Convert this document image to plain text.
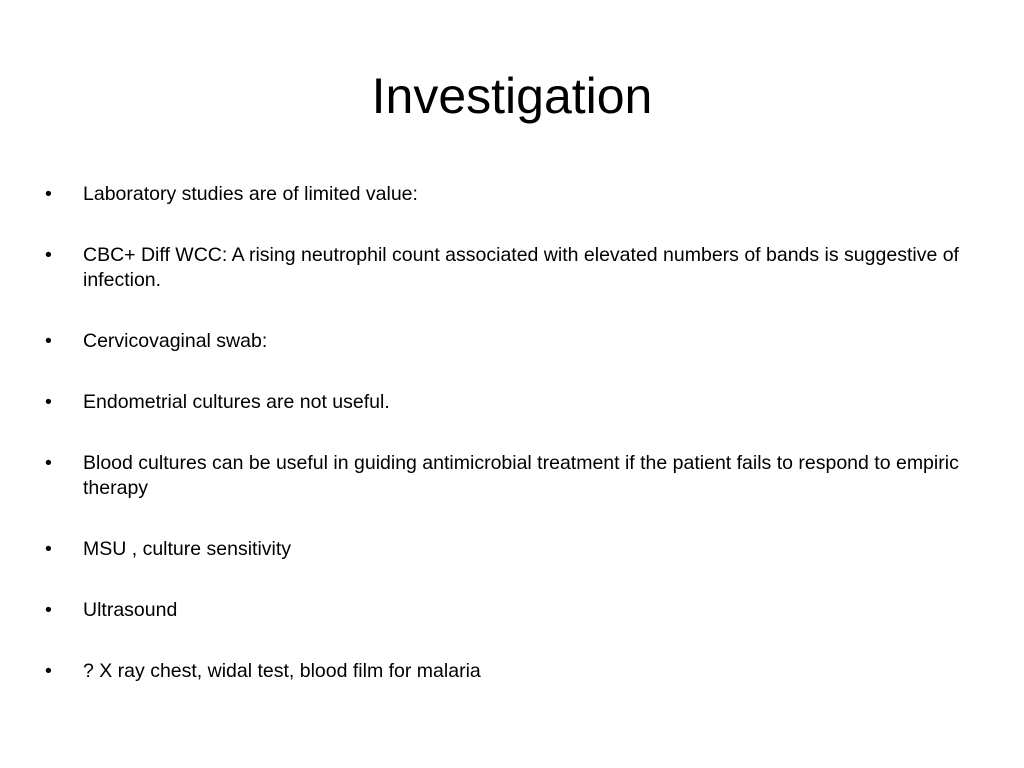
Investigation
• Laboratory studies are of limited value:
• CBC+ Diff WCC: A rising neutrophil count associated with elevated numbers of bands is suggestive of infection.
• Cervicovaginal swab:
• Endometrial cultures are not useful.
• Blood cultures can be useful in guiding antimicrobial treatment if the patient fails to respond to empiric therapy
• MSU , culture sensitivity
• Ultrasound
• ? X ray chest, widal test, blood film for malaria
